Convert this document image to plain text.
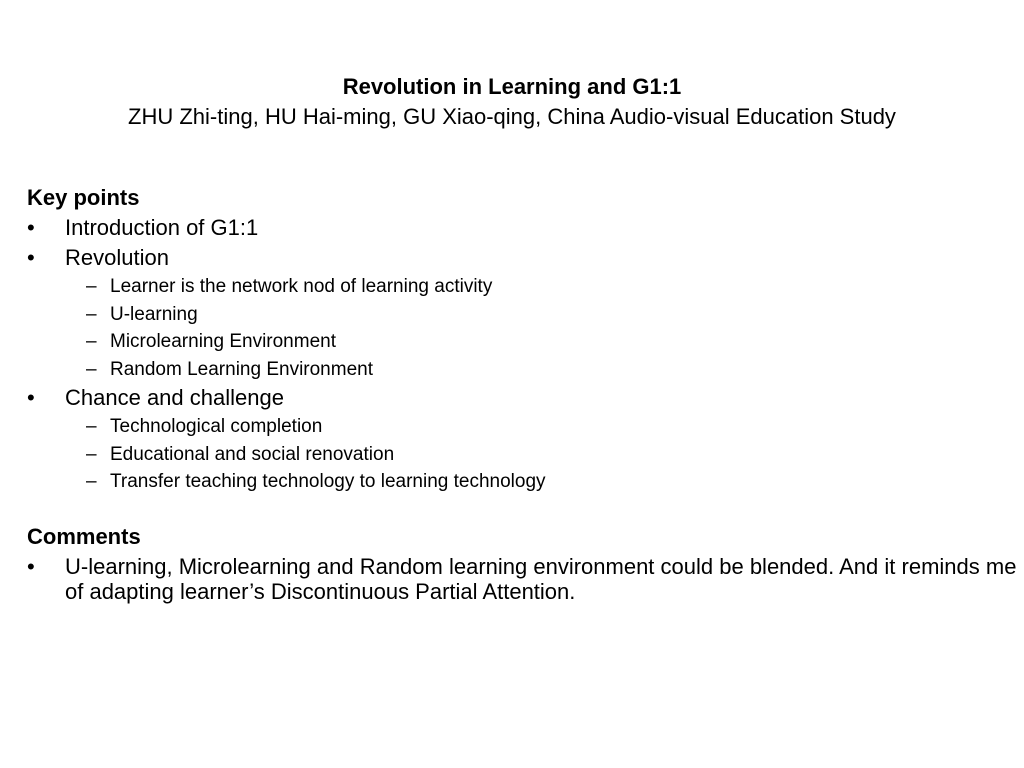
Revolution in Learning and G1:1

ZHU Zhi-ting, HU Hai-ming, GU Xiao-qing, China Audio-visual Education Study

Key points

• Introduction of G1:1
• Revolution
– Learner is the network nod of learning activity
– U-learning
– Microlearning Environment
– Random Learning Environment
• Chance and challenge
– Technological completion
– Educational and social renovation
– Transfer teaching technology to learning technology

Comments

• U-learning, Microlearning and Random learning environment could be blended. And it reminds me of adapting learner’s Discontinuous Partial Attention.
